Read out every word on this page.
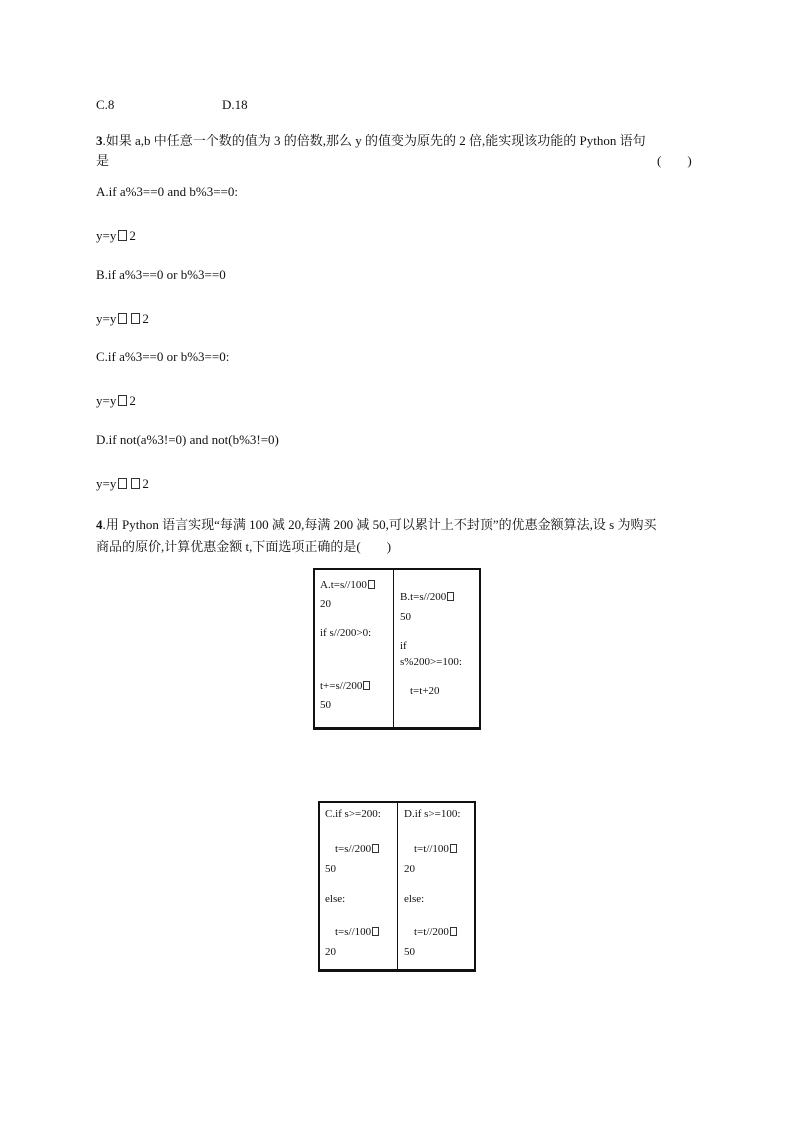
C.8	D.18
3.如果 a,b 中任意一个数的值为 3 的倍数,那么 y 的值变为原先的 2 倍,能实现该功能的 Python 语句
是	(　　)
A.if a%3==0 and b%3==0:
y=y 2
B.if a%3==0 or b%3==0
y=y 2
C.if a%3==0 or b%3==0:
y=y 2
D.if not(a%3!=0) and not(b%3!=0)
y=y 2
4.用 Python 语言实现“每满 100 减 20,每满 200 减 50,可以累计上不封顶”的优惠金额算法,设 s 为购买
商品的原价,计算优惠金额 t,下面选项正确的是(　　)
A.t=s//100
20
if s//200>0:
t+=s//200
50
B.t=s//200
50
if
s%200>=100:
t=t+20
C.if s>=200:
t=s//200
50
else:
t=s//100
20
D.if s>=100:
t=t//100
20
else:
t=t//200
50
